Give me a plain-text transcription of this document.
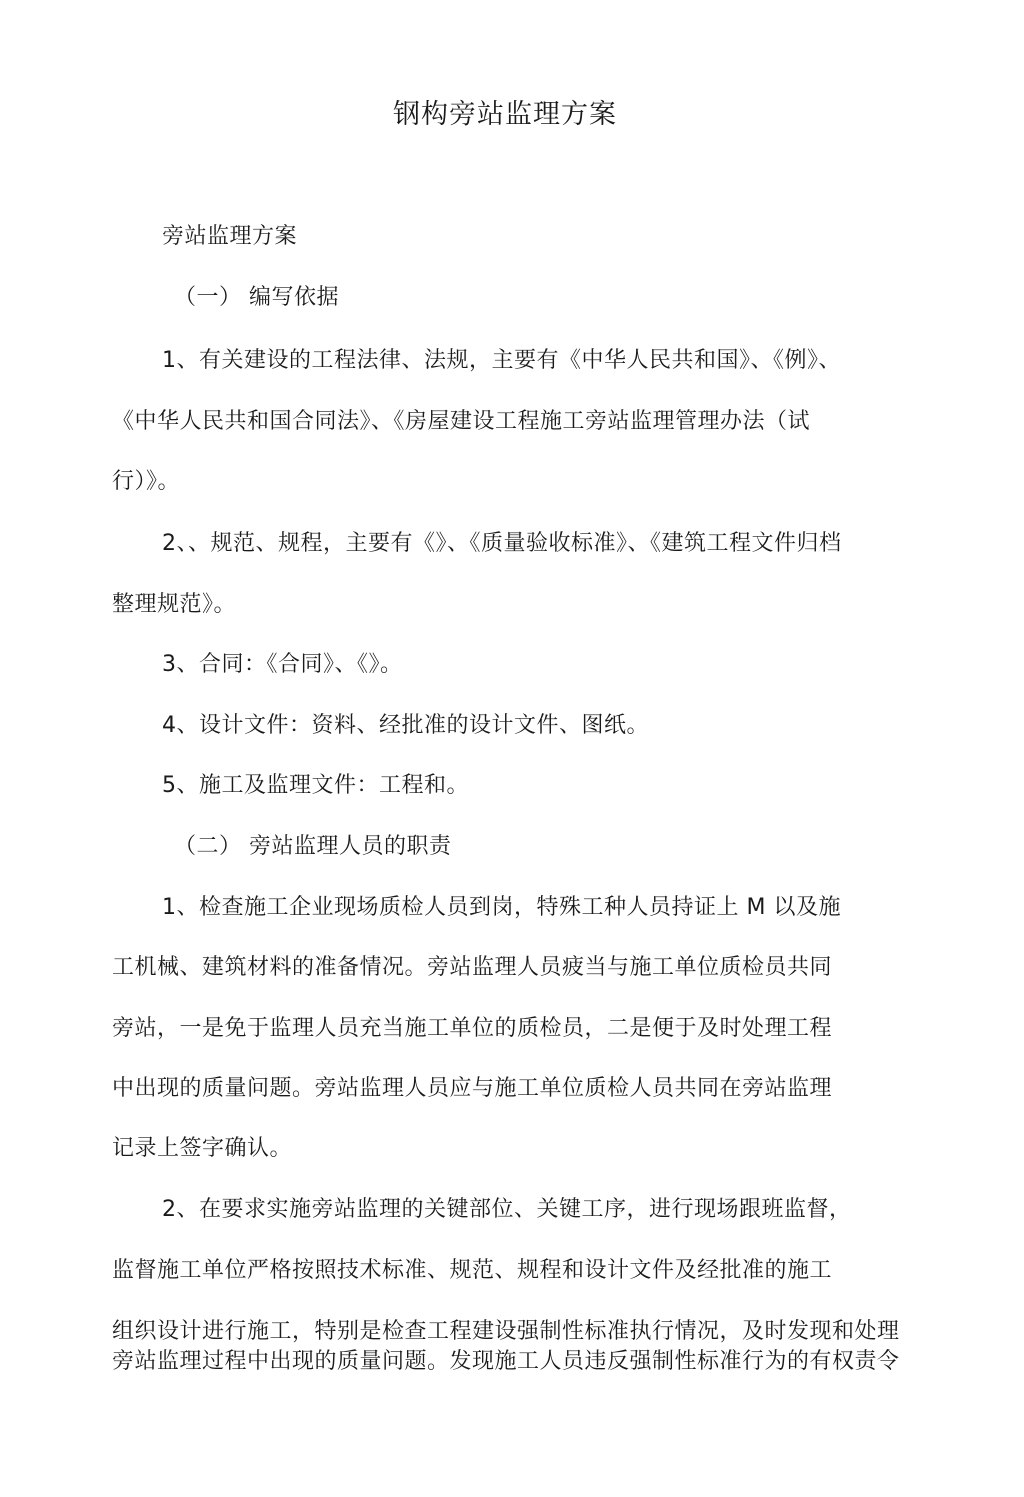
钢构旁站监理方案

旁站监理方案

（一） 编写依据

1、有关建设的工程法律、法规，主要有《中华人民共和国》、《例》、

《中华人民共和国合同法》、《房屋建设工程施工旁站监理管理办法（试

行）》。

2、、规范、规程，主要有《》、《质量验收标准》、《建筑工程文件归档

整理规范》。

3、合同：《合同》、《》。

4、设计文件：资料、经批准的设计文件、图纸。

5、施工及监理文件：工程和。

（二） 旁站监理人员的职责

1、检查施工企业现场质检人员到岗，特殊工种人员持证上 M 以及施

工机械、建筑材料的准备情况。旁站监理人员疲当与施工单位质检员共同

旁站，一是免于监理人员充当施工单位的质检员，二是便于及时处理工程

中出现的质量问题。旁站监理人员应与施工单位质检人员共同在旁站监理

记录上签字确认。

2、在要求实施旁站监理的关键部位、关键工序，进行现场跟班监督，

监督施工单位严格按照技术标准、规范、规程和设计文件及经批准的施工

组织设计进行施工，特别是检查工程建设强制性标准执行情况，及时发现和处理

旁站监理过程中出现的质量问题。发现施工人员违反强制性标准行为的有权责令
